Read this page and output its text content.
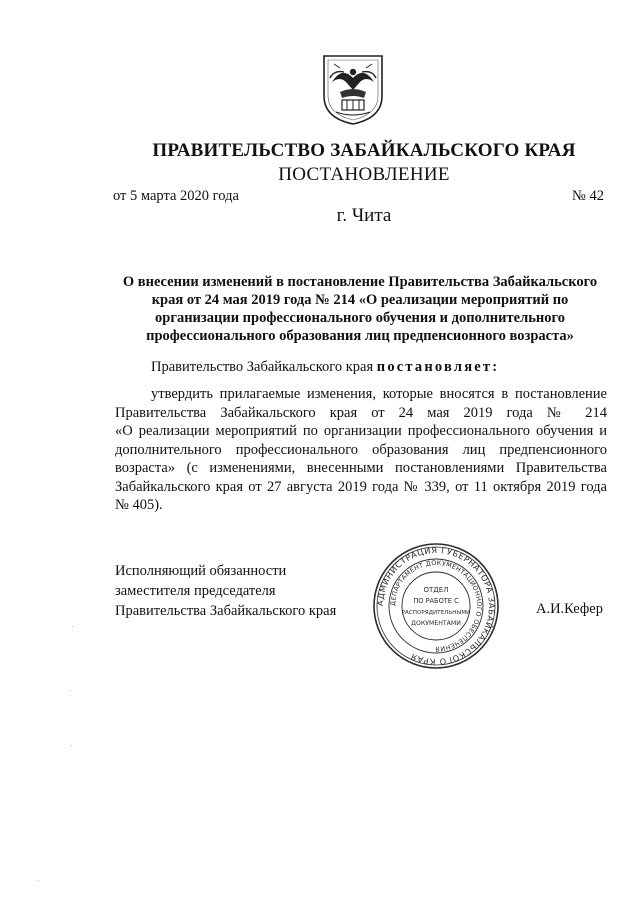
ПРАВИТЕЛЬСТВО ЗАБАЙКАЛЬСКОГО КРАЯ
ПОСТАНОВЛЕНИЕ
от 5 марта 2020 года	№ 42
г. Чита
О внесении изменений в постановление Правительства Забайкальского
края от 24 мая 2019 года № 214 «О реализации мероприятий по
организации профессионального обучения и дополнительного
профессионального образования лиц предпенсионного возраста»
Правительство Забайкальского края постановляет:
утвердить прилагаемые изменения, которые вносятся в постановление
Правительства Забайкальского края от 24 мая 2019 года № 214
«О реализации мероприятий по организации профессионального обучения и
дополнительного профессионального образования лиц предпенсионного
возраста» (с изменениями, внесенными постановлениями Правительства
Забайкальского края от 27 августа 2019 года № 339, от 11 октября 2019 года
№ 405).
Исполняющий обязанности
заместителя председателя
Правительства Забайкальского края	А.И.Кефер
АДМИНИСТРАЦИЯ ГУБЕРНАТОРА ЗАБАЙКАЛЬСКОГО КРАЯ
ДЕПАРТАМЕНТ ДОКУМЕНТАЦИОННОГО ОБЕСПЕЧЕНИЯ
ОТДЕЛ
ПО РАБОТЕ С
РАСПОРЯДИТЕЛЬНЫМИ
ДОКУМЕНТАМИ
